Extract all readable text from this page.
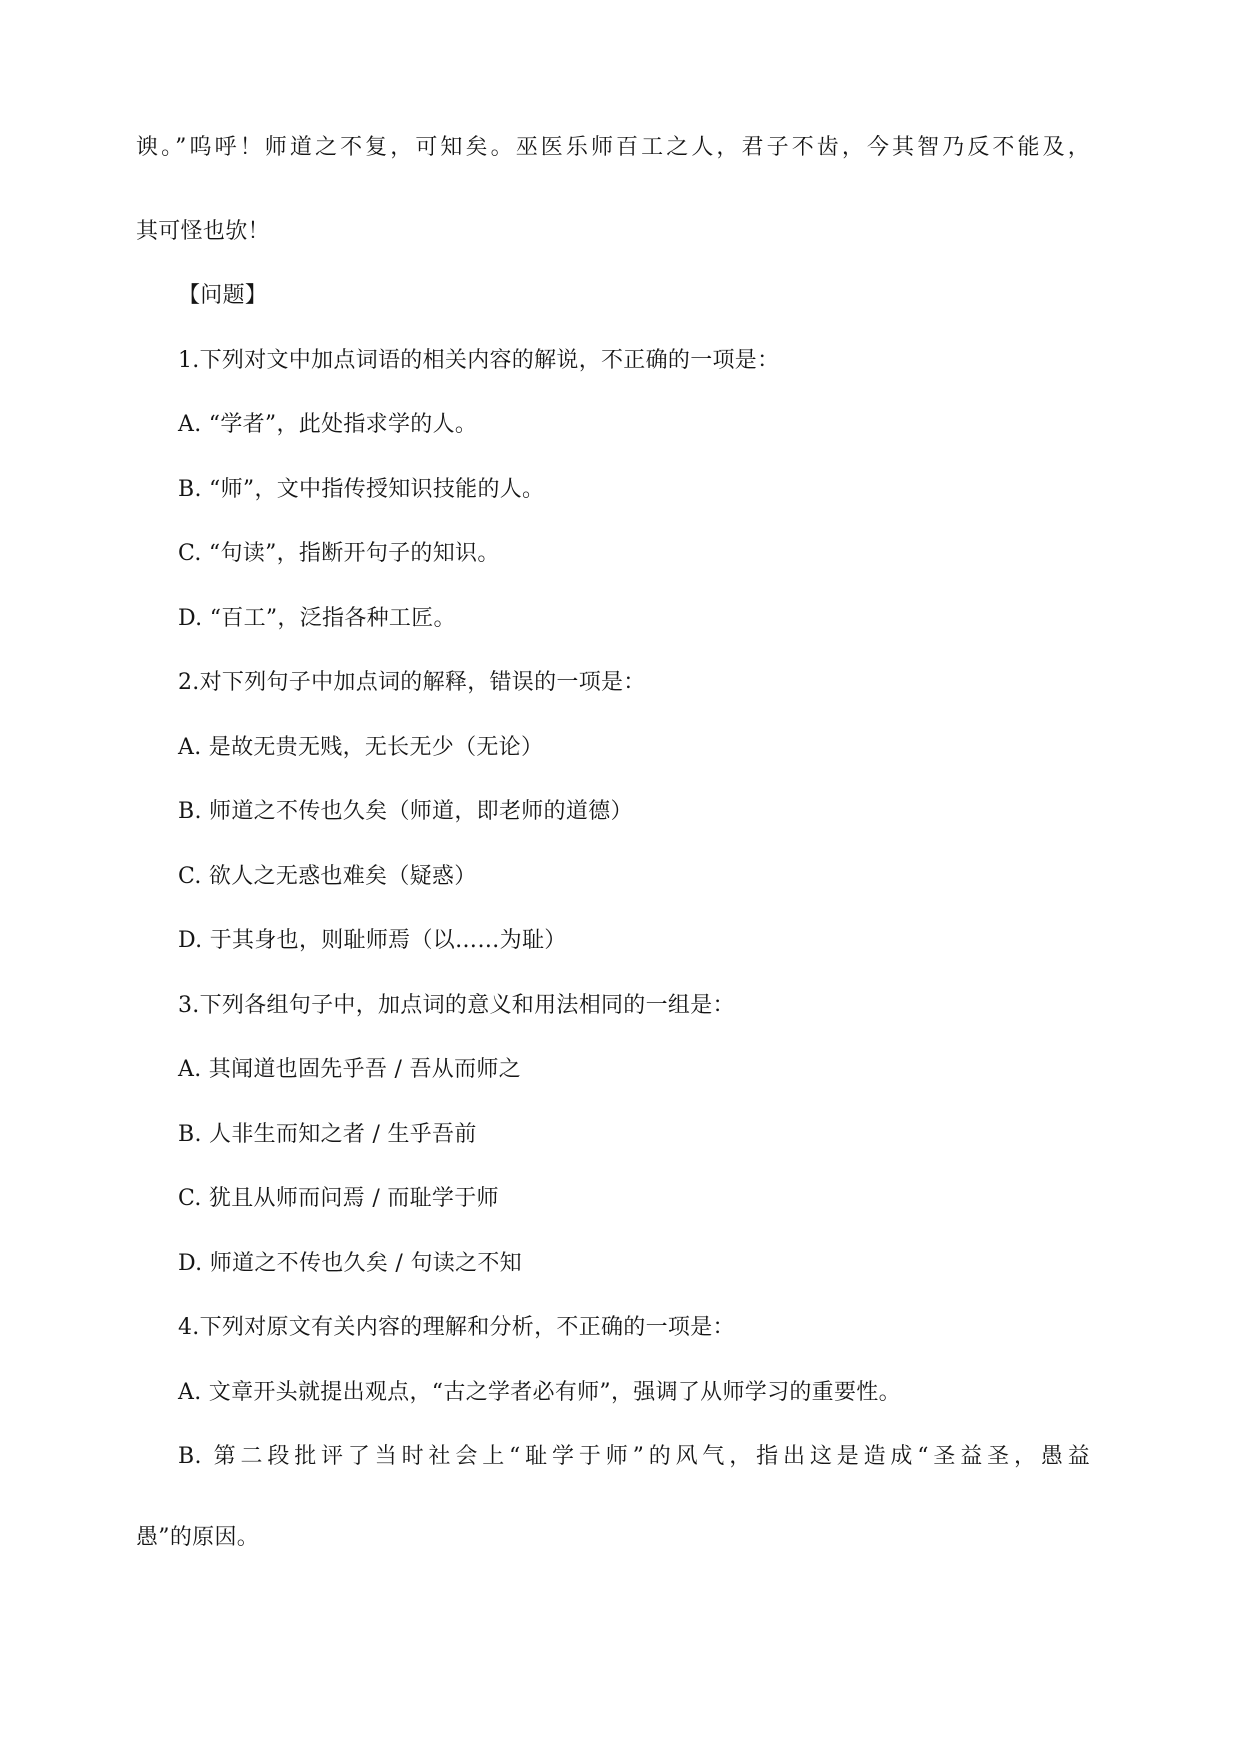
谀。”呜呼！师道之不复，可知矣。巫医乐师百工之人，君子不齿，今其智乃反不能及，
其可怪也欤！
【问题】
1.下列对文中加点词语的相关内容的解说，不正确的一项是：
A. “学者”，此处指求学的人。
B. “师”，文中指传授知识技能的人。
C. “句读”，指断开句子的知识。
D. “百工”，泛指各种工匠。
2.对下列句子中加点词的解释，错误的一项是：
A. 是故无贵无贱，无长无少（无论）
B. 师道之不传也久矣（师道，即老师的道德）
C. 欲人之无惑也难矣（疑惑）
D. 于其身也，则耻师焉（以……为耻）
3.下列各组句子中，加点词的意义和用法相同的一组是：
A. 其闻道也固先乎吾 / 吾从而师之
B. 人非生而知之者 / 生乎吾前
C. 犹且从师而问焉 / 而耻学于师
D. 师道之不传也久矣 / 句读之不知
4.下列对原文有关内容的理解和分析，不正确的一项是：
A. 文章开头就提出观点，“古之学者必有师”，强调了从师学习的重要性。
B. 第二段批评了当时社会上“耻学于师”的风气，指出这是造成“圣益圣，愚益
愚”的原因。
